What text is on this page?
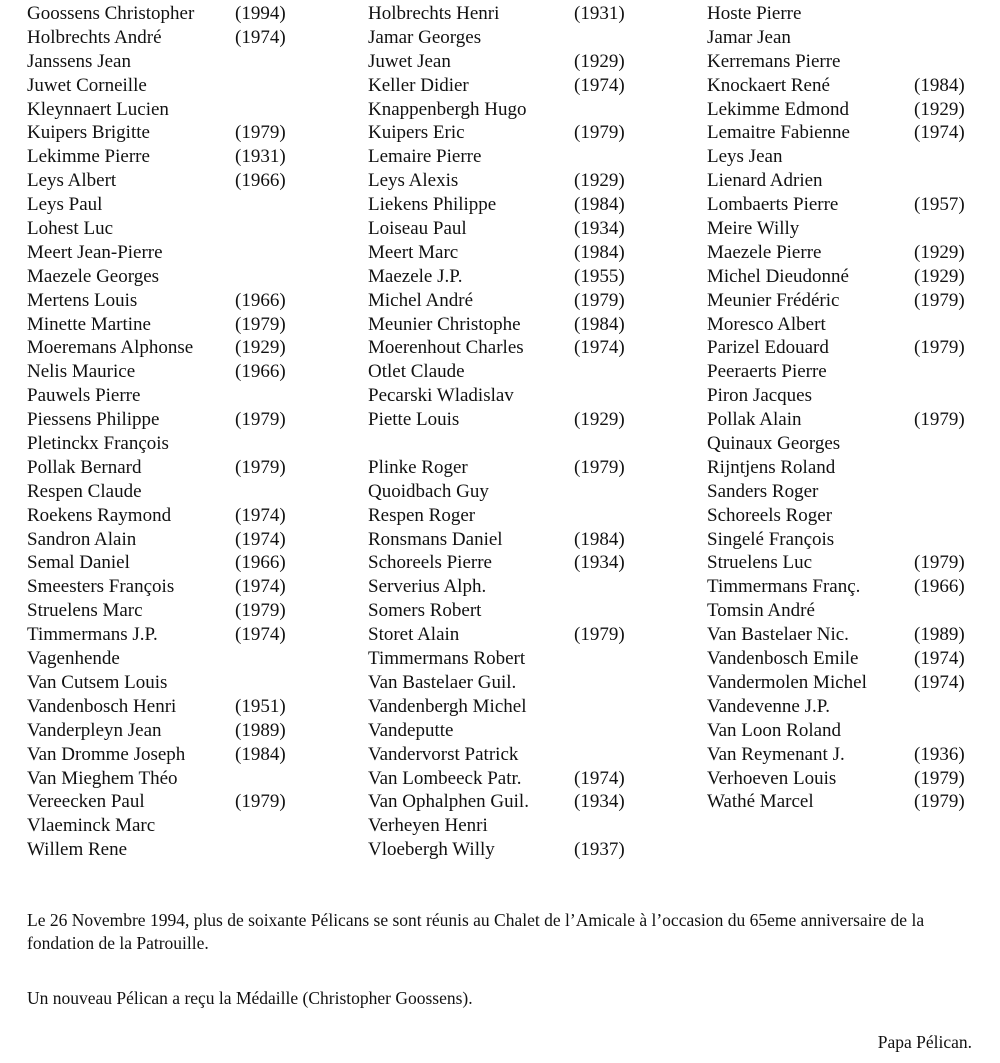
Goossens Christopher (1994)
Holbrechts André	(1974)
Janssens Jean
Juwet Corneille
Kleynnaert Lucien
Kuipers Brigitte	(1979)
Lekimme Pierre	(1931)
Leys Albert	(1966)
Leys Paul
Lohest Luc
Meert Jean-Pierre
Maezele Georges
Mertens Louis	(1966)
Minette Martine	(1979)
Moeremans Alphonse (1929)
Nelis Maurice	(1966)
Pauwels Pierre
Piessens Philippe	(1979)
Pletinckx François
Pollak Bernard	(1979)
Respen Claude
Roekens Raymond	(1974)
Sandron Alain	(1974)
Semal Daniel	(1966)
Smeesters François	(1974)
Struelens Marc	(1979)
Timmermans J.P.	(1974)
Vagenhende
Van Cutsem Louis
Vandenbosch Henri	(1951)
Vanderpleyn Jean	(1989)
Van Dromme Joseph	(1984)
Van Mieghem Théo
Vereecken Paul	(1979)
Vlaeminck Marc
Willem Rene
Holbrechts Henri	(1931)
Jamar Georges
Juwet Jean	(1929)
Keller Didier	(1974)
Knappenbergh Hugo
Kuipers Eric	(1979)
Lemaire Pierre
Leys Alexis	(1929)
Liekens Philippe	(1984)
Loiseau Paul	(1934)
Meert Marc	(1984)
Maezele J.P.	(1955)
Michel André	(1979)
Meunier Christophe	(1984)
Moerenhout Charles	(1974)
Otlet Claude
Pecarski Wladislav
Piette Louis	(1929)
Plinke Roger	(1979)
Quoidbach Guy
Respen Roger
Ronsmans Daniel	(1984)
Schoreels Pierre	(1934)
Serverius Alph.
Somers Robert
Storet Alain	(1979)
Timmermans Robert
Van Bastelaer Guil.
Vandenbergh Michel
Vandeputte
Vandervorst Patrick
Van Lombeeck Patr.	(1974)
Van Ophalphen Guil. (1934)
Verheyen Henri
Vloebergh Willy	(1937)
Hoste Pierre
Jamar Jean
Kerremans Pierre
Knockaert René	(1984)
Lekimme Edmond	(1929)
Lemaitre Fabienne	(1974)
Leys Jean
Lienard Adrien
Lombaerts Pierre	(1957)
Meire Willy
Maezele Pierre	(1929)
Michel Dieudonné	(1929)
Meunier Frédéric	(1979)
Moresco Albert
Parizel Edouard	(1979)
Peeraerts Pierre
Piron Jacques
Pollak Alain	(1979)
Quinaux Georges
Rijntjens Roland
Sanders Roger
Schoreels Roger
Singelé François
Struelens Luc	(1979)
Timmermans Franç.	(1966)
Tomsin André
Van Bastelaer Nic.	(1989)
Vandenbosch Emile	(1974)
Vandermolen Michel (1974)
Vandevenne J.P.
Van Loon Roland
Van Reymenant J.	(1936)
Verhoeven Louis	(1979)
Wathé Marcel	(1979)

Le 26 Novembre 1994, plus de soixante Pélicans se sont réunis au Chalet de l’Amicale à l’occasion du 65eme anniversaire de la fondation de la Patrouille.

Un nouveau Pélican a reçu la Médaille (Christopher Goossens).

Papa Pélican.
